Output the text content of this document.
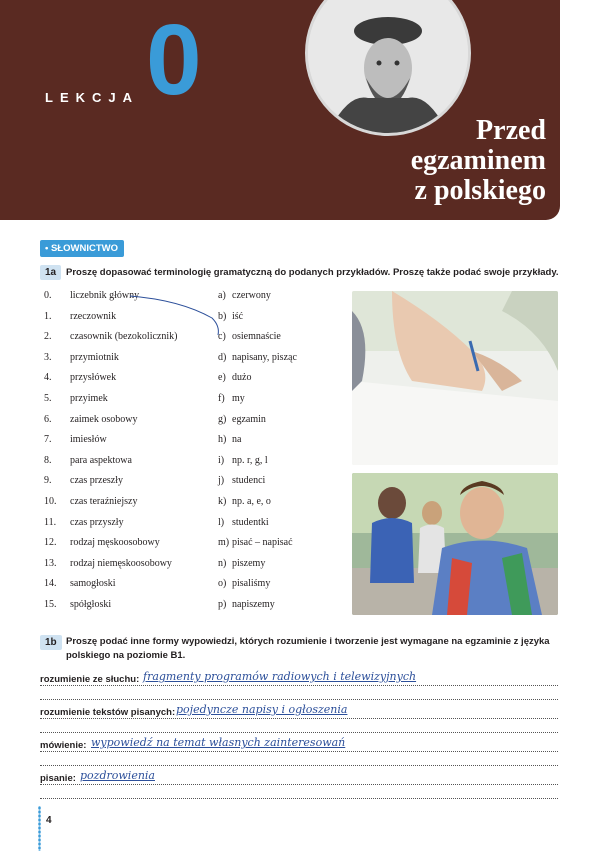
LEKCJA 0
Przed
egzaminem
z polskiego
• SŁOWNICTWO
1a	Proszę dopasować terminologię gramatyczną do podanych przykładów. Proszę także podać swoje przykłady.
0. liczebnik główny
1. rzeczownik
2. czasownik (bezokolicznik)
3. przymiotnik
4. przysłówek
5. przyimek
6. zaimek osobowy
7. imiesłów
8. para aspektowa
9. czas przeszły
10. czas teraźniejszy
11. czas przyszły
12. rodzaj męskoosobowy
13. rodzaj niemęskoosobowy
14. samogłoski
15. spółgłoski
a) czerwony
b) iść
c) osiemnaście
d) napisany, pisząc
e) dużo
f) my
g) egzamin
h) na
i) np. r, g, l
j) studenci
k) np. a, e, o
l) studentki
m) pisać – napisać
n) piszemy
o) pisaliśmy
p) napiszemy
1b Proszę podać inne formy wypowiedzi, których rozumienie i tworzenie jest wymagane na egzaminie z języka
polskiego na poziomie B1.
rozumienie ze słuchu: fragmenty programów radiowych i telewizyjnych
rozumienie tekstów pisanych: pojedyncze napisy i ogłoszenia
mówienie: wypowiedź na temat własnych zainteresowań
pisanie: pozdrowienia
4
